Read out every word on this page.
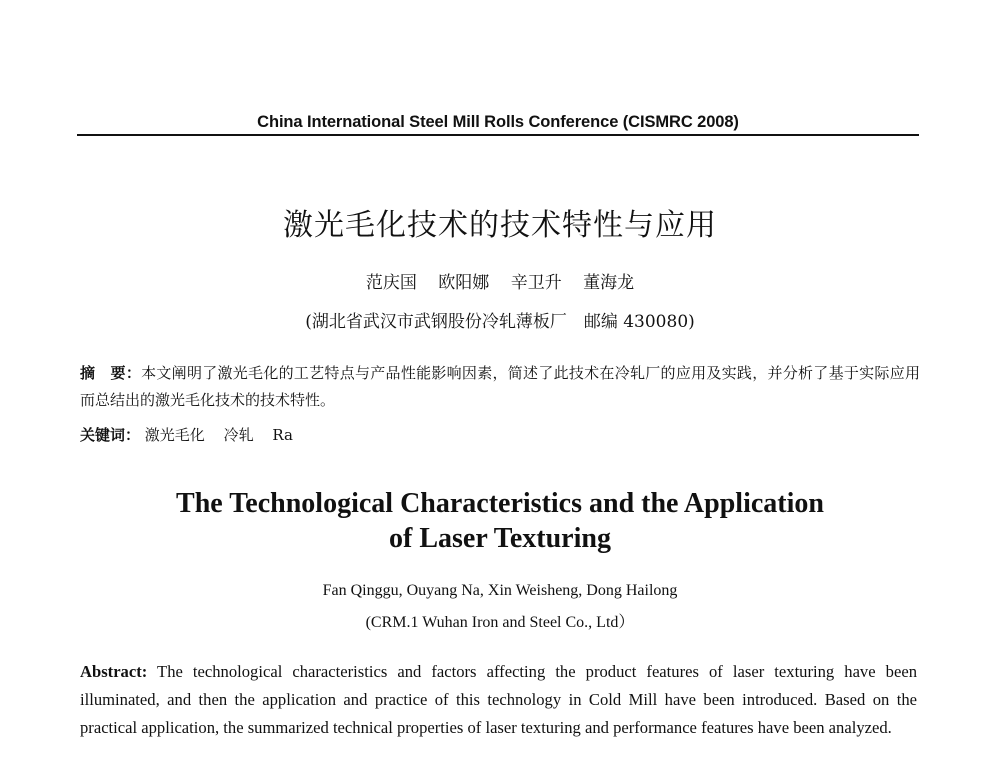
China International Steel Mill Rolls Conference (CISMRC 2008)
激光毛化技术的技术特性与应用
范庆国 欧阳娜 辛卫升 董海龙
(湖北省武汉市武钢股份冷轧薄板厂　邮编 430080)
摘　要：本文阐明了激光毛化的工艺特点与产品性能影响因素，简述了此技术在冷轧厂的应用及实践，并分析了基于实际应用而总结出的激光毛化技术的技术特性。
关键词： 激光毛化 冷轧 Ra
The Technological Characteristics and the Application
of Laser Texturing
Fan Qinggu, Ouyang Na, Xin Weisheng, Dong Hailong
(CRM.1 Wuhan Iron and Steel Co., Ltd）
Abstract: The technological characteristics and factors affecting the product features of laser texturing have been illuminated, and then the application and practice of this technology in Cold Mill have been introduced. Based on the practical application, the summarized technical properties of laser texturing and performance features have been analyzed.
